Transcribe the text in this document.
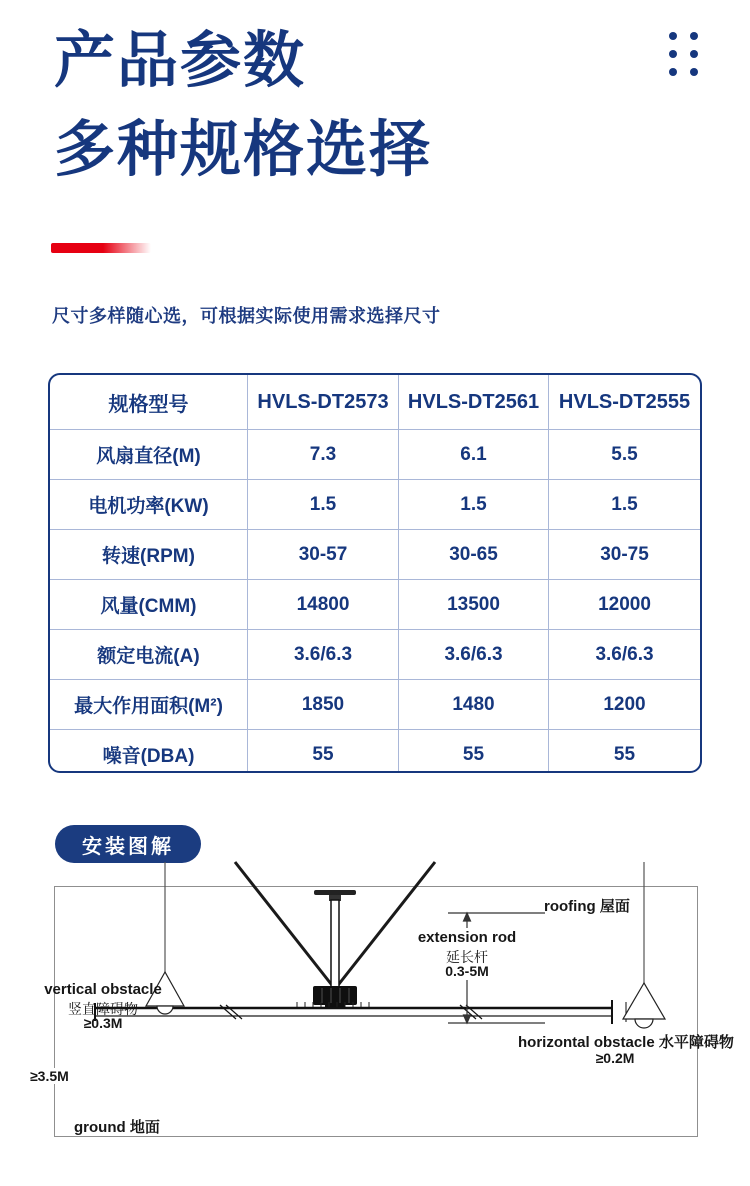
产品参数
多种规格选择
尺寸多样随心选，可根据实际使用需求选择尺寸
规格型号	HVLS-DT2573	HVLS-DT2561	HVLS-DT2555
风扇直径(M)	7.3	6.1	5.5
电机功率(KW)	1.5	1.5	1.5
转速(RPM)	30-57	30-65	30-75
风量(CMM)	14800	13500	12000
额定电流(A)	3.6/6.3	3.6/6.3	3.6/6.3
最大作用面积(M²)	1850	1480	1200
噪音(DBA)	55	55	55
安装图解
roofing 屋面
extension rod
延长杆
0.3-5M
vertical obstacle
竖直障碍物
≥0.3M
horizontal obstacle 水平障碍物
≥0.2M
≥3.5M
ground 地面
